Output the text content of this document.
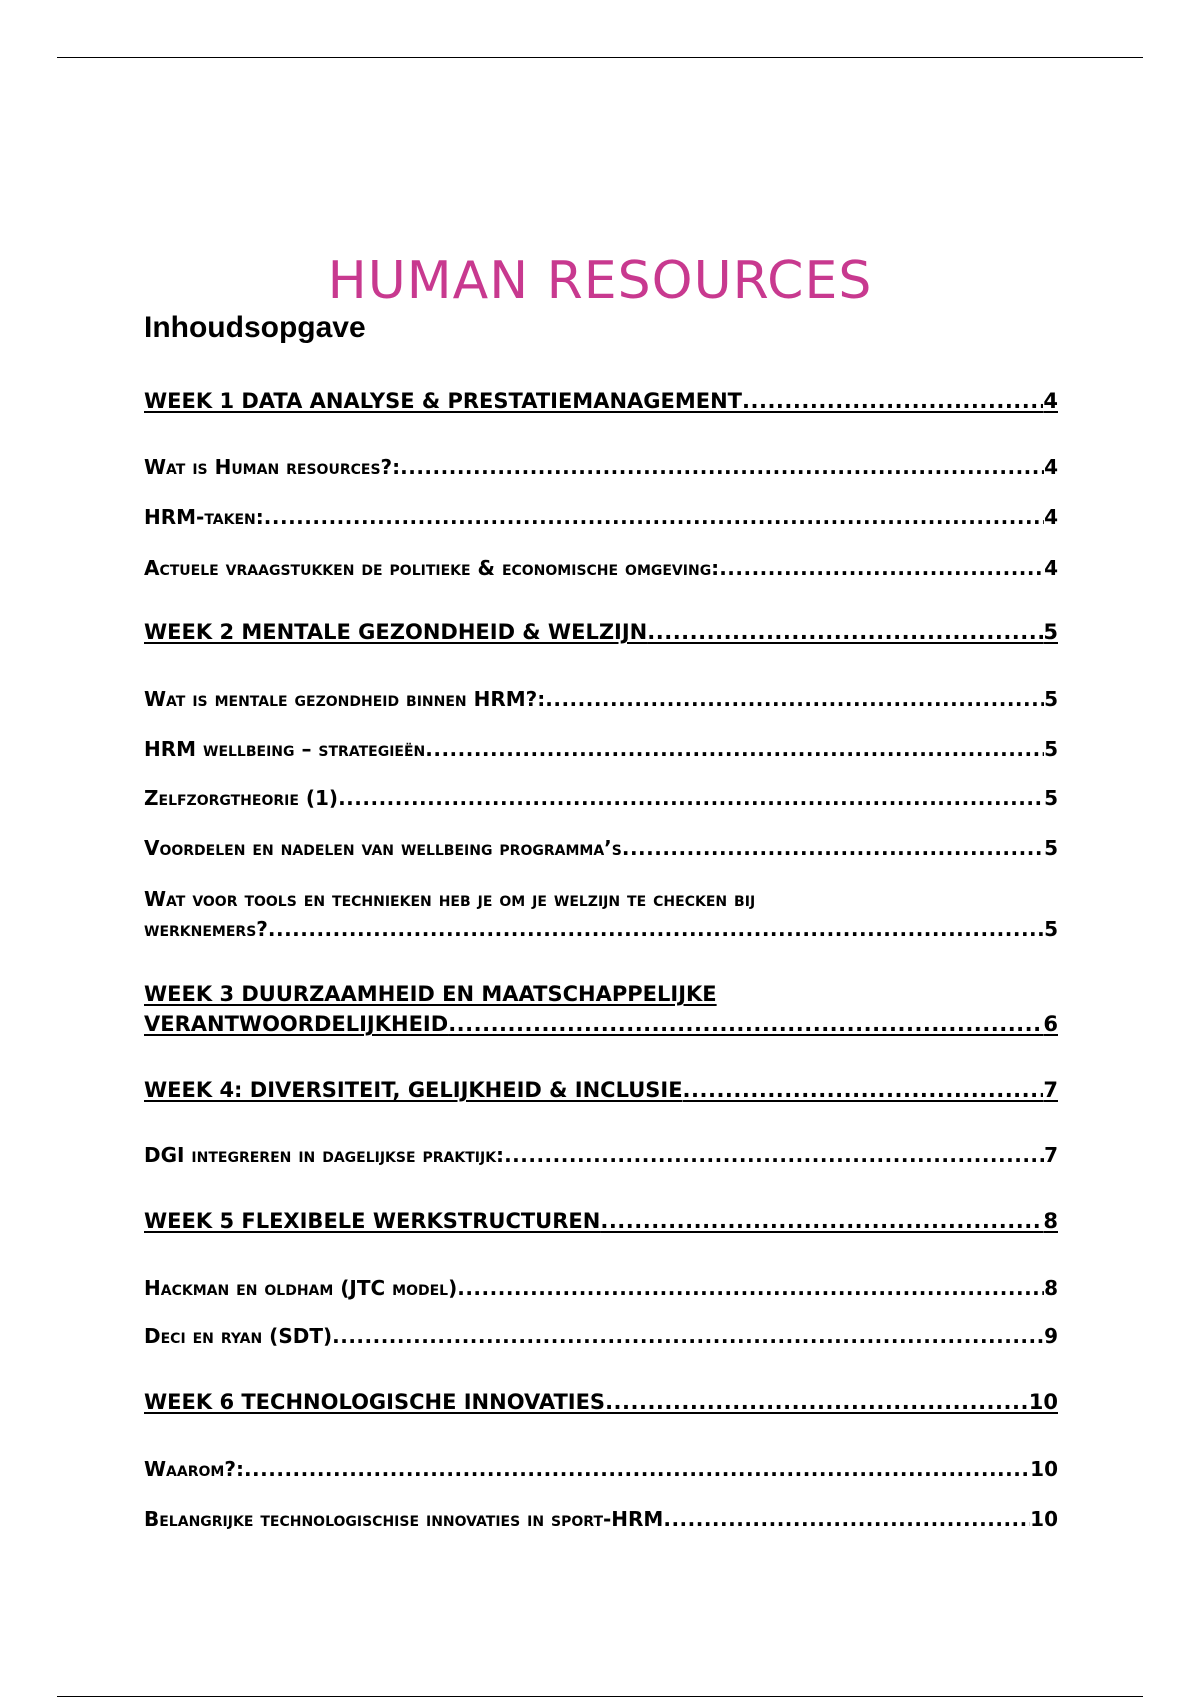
HUMAN RESOURCES
Inhoudsopgave
WEEK 1 DATA ANALYSE & PRESTATIEMANAGEMENT .....	4
Wat is Human resources?: .....	4
HRM-taken: .....	4
Actuele vraagstukken de politieke & economische omgeving: .....	4
WEEK 2 MENTALE GEZONDHEID & WELZIJN .....	5
Wat is mentale gezondheid binnen HRM?: .....	5
HRM wellbeing – strategieën .....	5
Zelfzorgtheorie (1) .....	5
Voordelen en nadelen van wellbeing programma’s .....	5
Wat voor tools en technieken heb je om je welzijn te checken bij
werknemers? .....	5
WEEK 3 DUURZAAMHEID EN MAATSCHAPPELIJKE
VERANTWOORDELIJKHEID .....	6
WEEK 4: DIVERSITEIT, GELIJKHEID & INCLUSIE .....	7
DGI integreren in dagelijkse praktijk: .....	7
WEEK 5 FLEXIBELE WERKSTRUCTUREN .....	8
Hackman en oldham (JTC model) .....	8
Deci en ryan (SDT) .....	9
WEEK 6 TECHNOLOGISCHE INNOVATIES .....	10
Waarom?: .....	10
Belangrijke technologischise innovaties in sport-HRM .....	10
